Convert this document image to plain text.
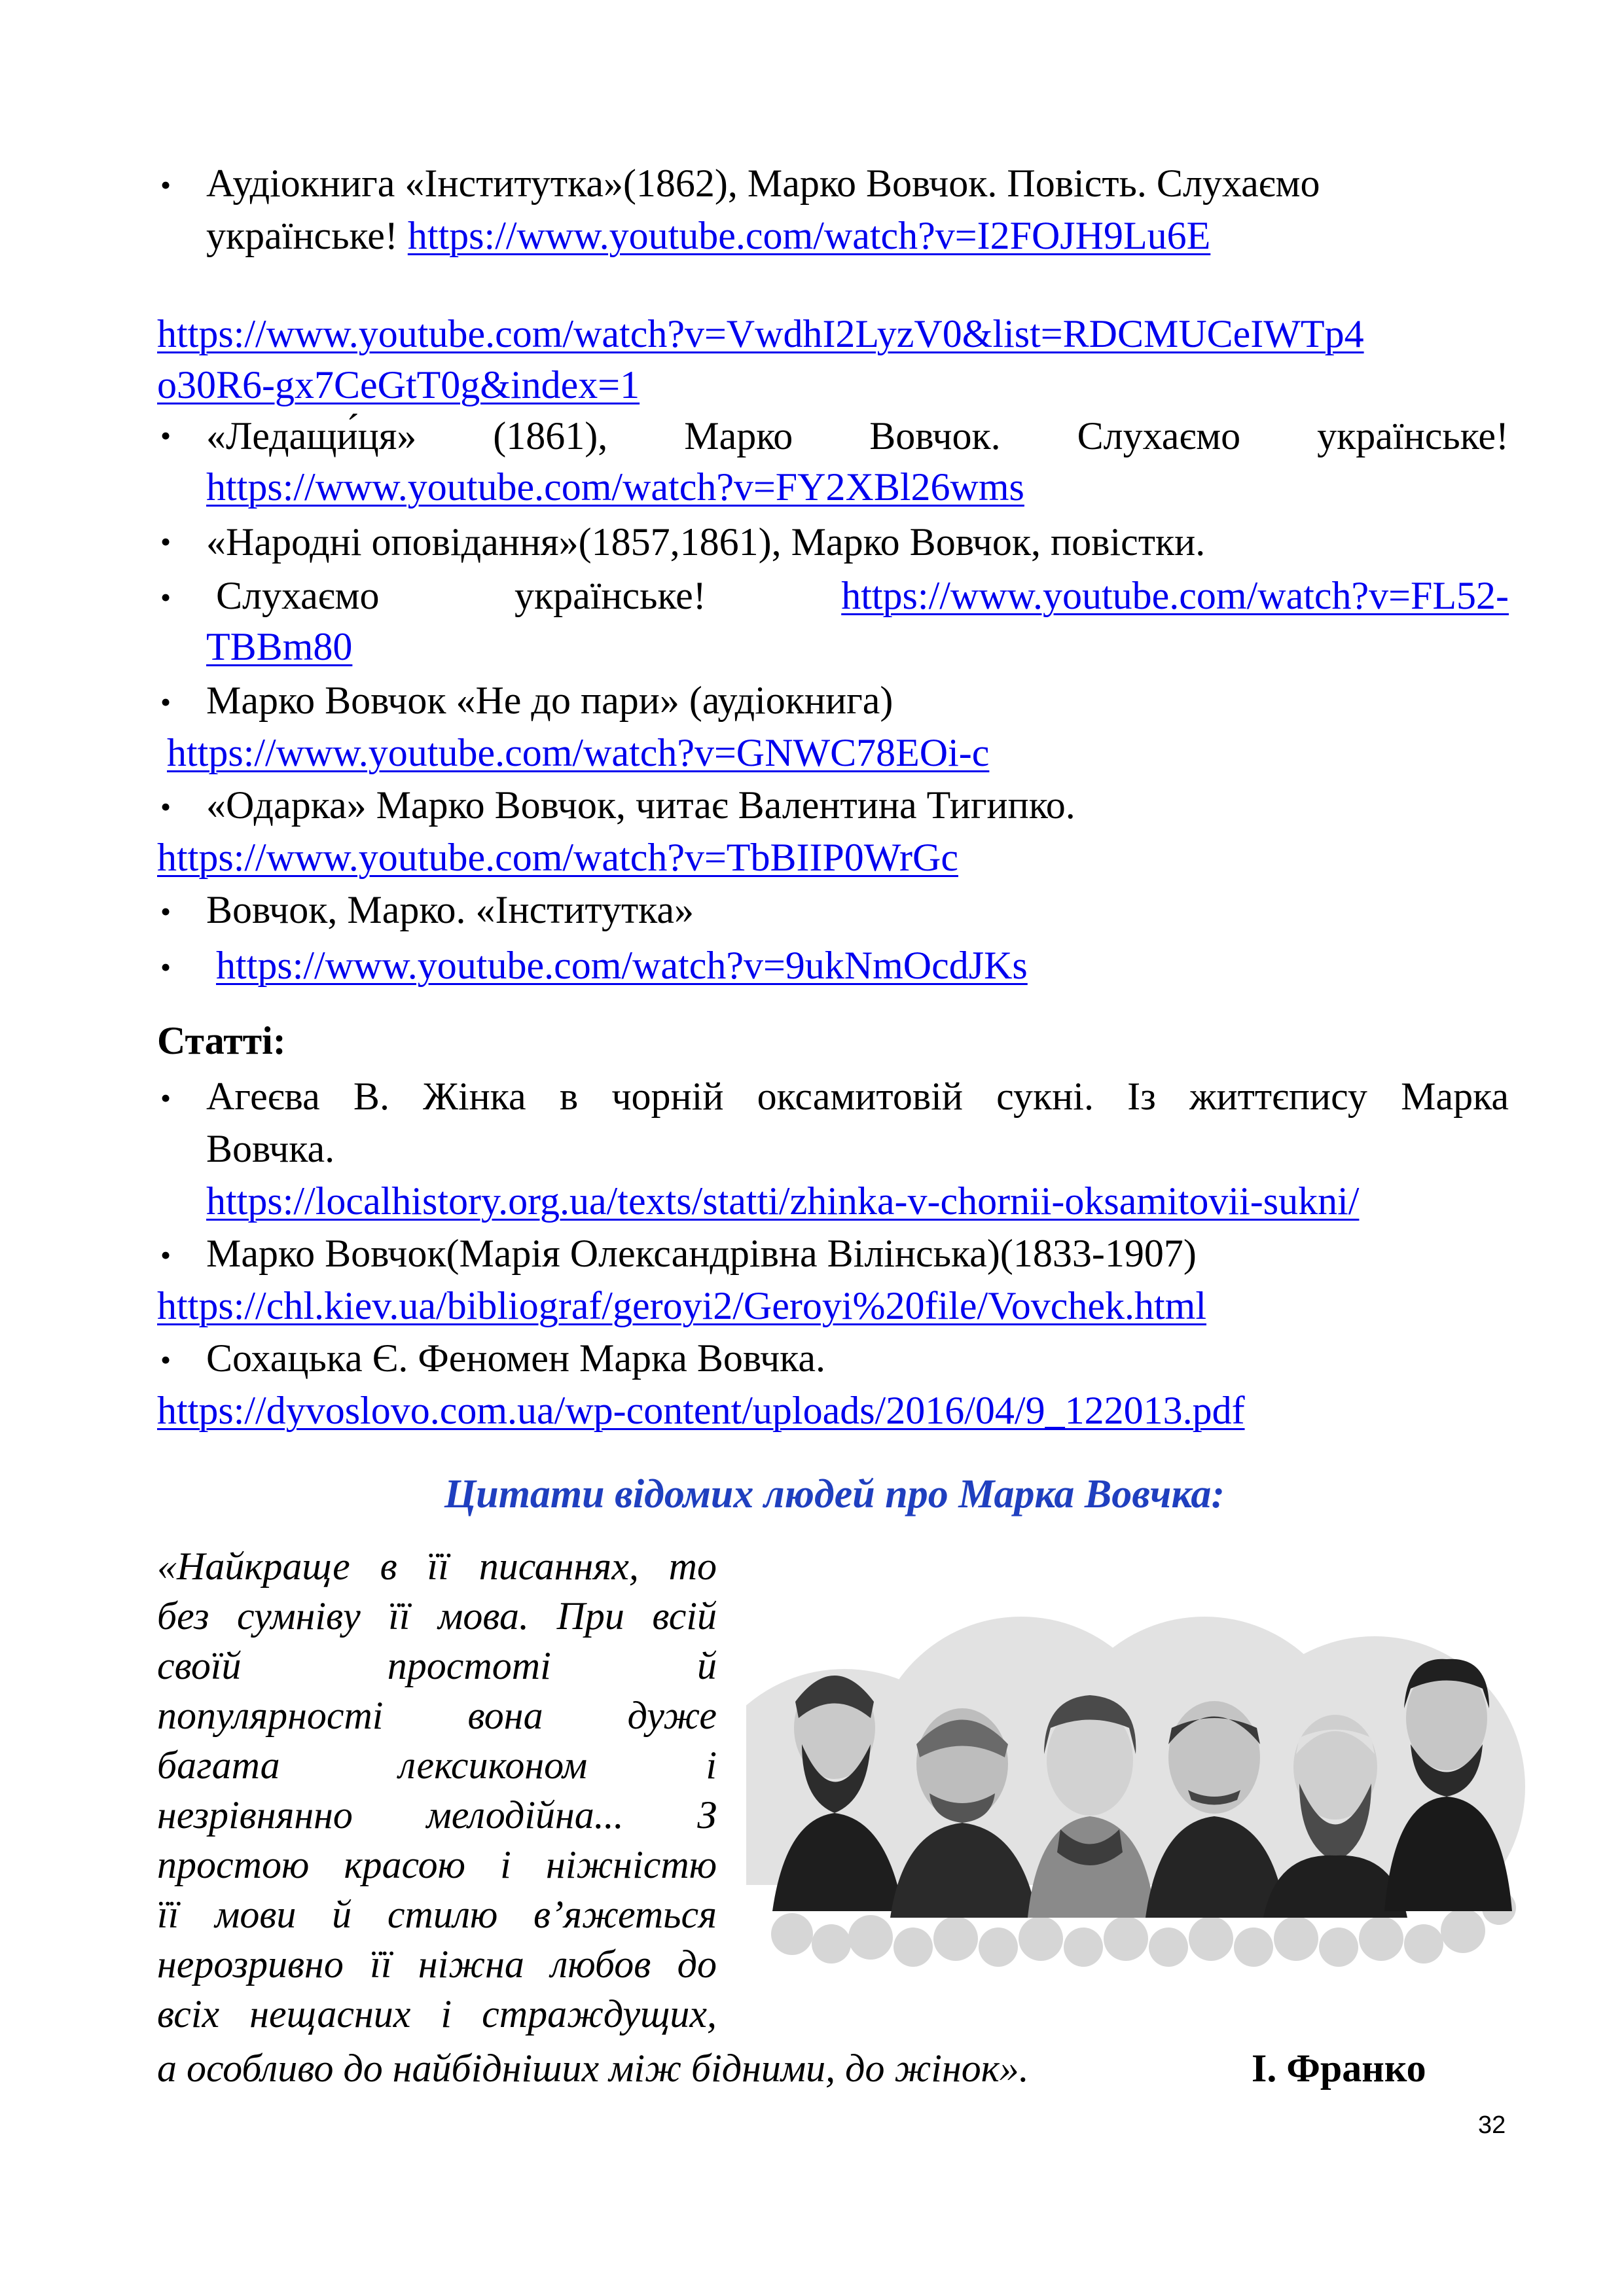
• Аудіокнига «Інститутка»(1862), Марко Вовчок. Повість. Слухаємо
українське! https://www.youtube.com/watch?v=I2FOJH9Lu6E
https://www.youtube.com/watch?v=VwdhI2LyzV0&list=RDCMUCeIWTp4
o30R6-gx7CeGtT0g&index=1
• «Ледащи́ця» (1861), Марко Вовчок. Слухаємо українське!
https://www.youtube.com/watch?v=FY2XBl26wms
• «Народні оповідання»(1857,1861), Марко Вовчок, повістки.
• Слухаємо	українське!	https://www.youtube.com/watch?v=FL52-
TBBm80
• Марко Вовчок «Не до пари» (аудіокнига)
https://www.youtube.com/watch?v=GNWC78EOi-c
• «Одарка» Марко Вовчок, читає Валентина Тигипко.
https://www.youtube.com/watch?v=TbBIIP0WrGc
• Вовчок, Марко. «Інститутка»
• https://www.youtube.com/watch?v=9ukNmOcdJKs
Статті:
• Агеєва В. Жінка в чорній оксамитовій сукні. Із життєпису Марка
Вовчка.
https://localhistory.org.ua/texts/statti/zhinka-v-chornii-oksamitovii-sukni/
• Марко Вовчок(Марія Олександрівна Вілінська)(1833-1907)
https://chl.kiev.ua/bibliograf/geroyi2/Geroyi%20file/Vovchek.html
• Сохацька Є. Феномен Марка Вовчка.
https://dyvoslovo.com.ua/wp-content/uploads/2016/04/9_122013.pdf
Цитати відомих людей про Марка Вовчка:
«Найкраще в її писаннях, то
без сумніву її мова. При всій
своїй простоті й
популярності вона дуже
багата лексиконом і
незрівнянно мелодійна... З
простою красою і ніжністю
її мови й стилю в’яжеться
нерозривно її ніжна любов до
всіх нещасних і страждущих,
а особливо до найбідніших між бідними, до жінок».	І. Франко
32
